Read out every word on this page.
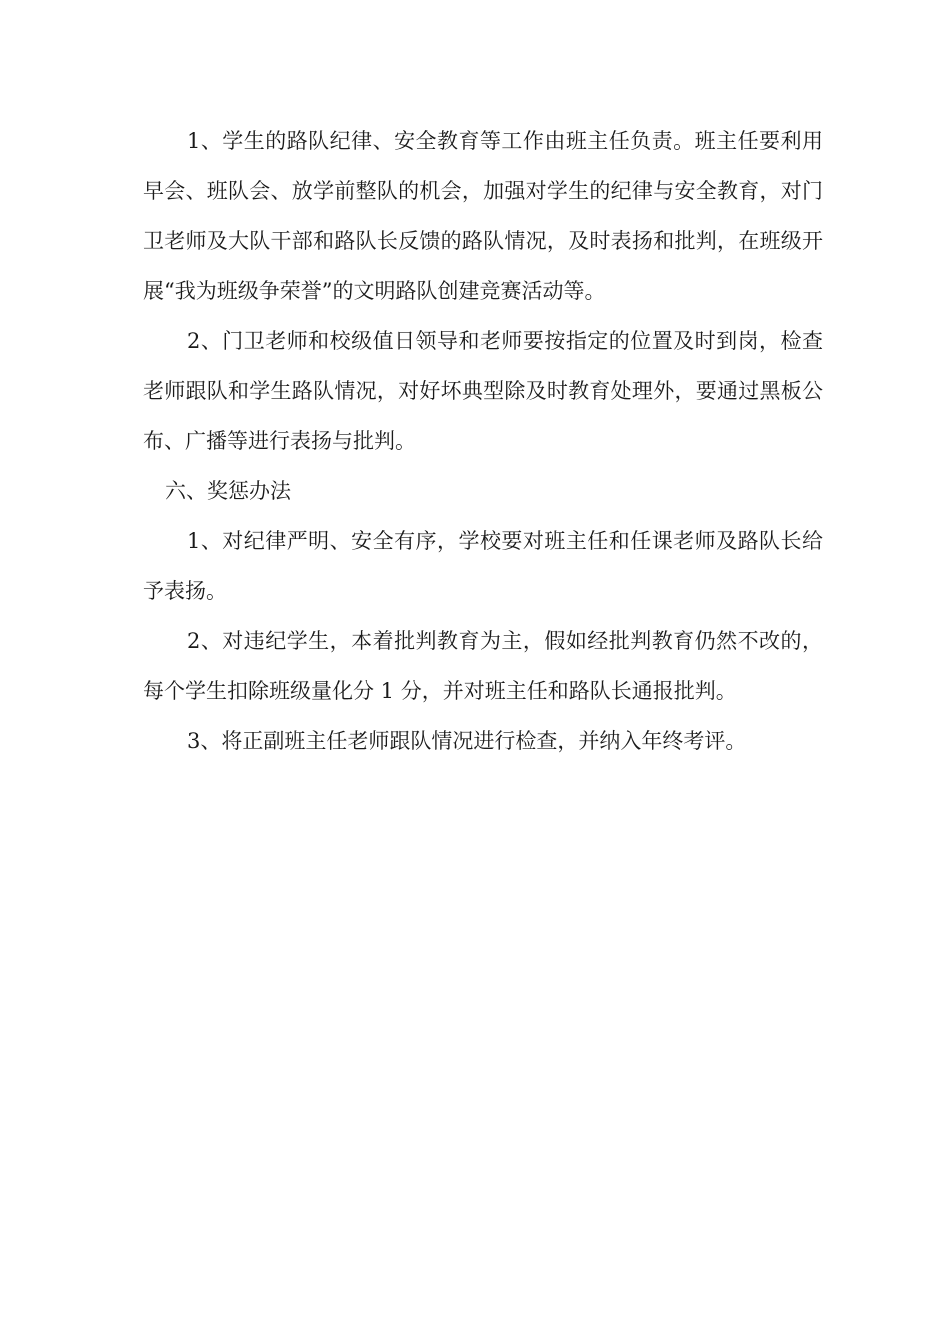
1、学生的路队纪律、安全教育等工作由班主任负责。班主任要利用早会、班队会、放学前整队的机会，加强对学生的纪律与安全教育，对门卫老师及大队干部和路队长反馈的路队情况，及时表扬和批判，在班级开展“我为班级争荣誉”的文明路队创建竞赛活动等。

2、门卫老师和校级值日领导和老师要按指定的位置及时到岗，检查老师跟队和学生路队情况，对好坏典型除及时教育处理外，要通过黑板公布、广播等进行表扬与批判。

六、奖惩办法

1、对纪律严明、安全有序，学校要对班主任和任课老师及路队长给予表扬。

2、对违纪学生，本着批判教育为主，假如经批判教育仍然不改的，每个学生扣除班级量化分 1 分，并对班主任和路队长通报批判。

3、将正副班主任老师跟队情况进行检查，并纳入年终考评。
